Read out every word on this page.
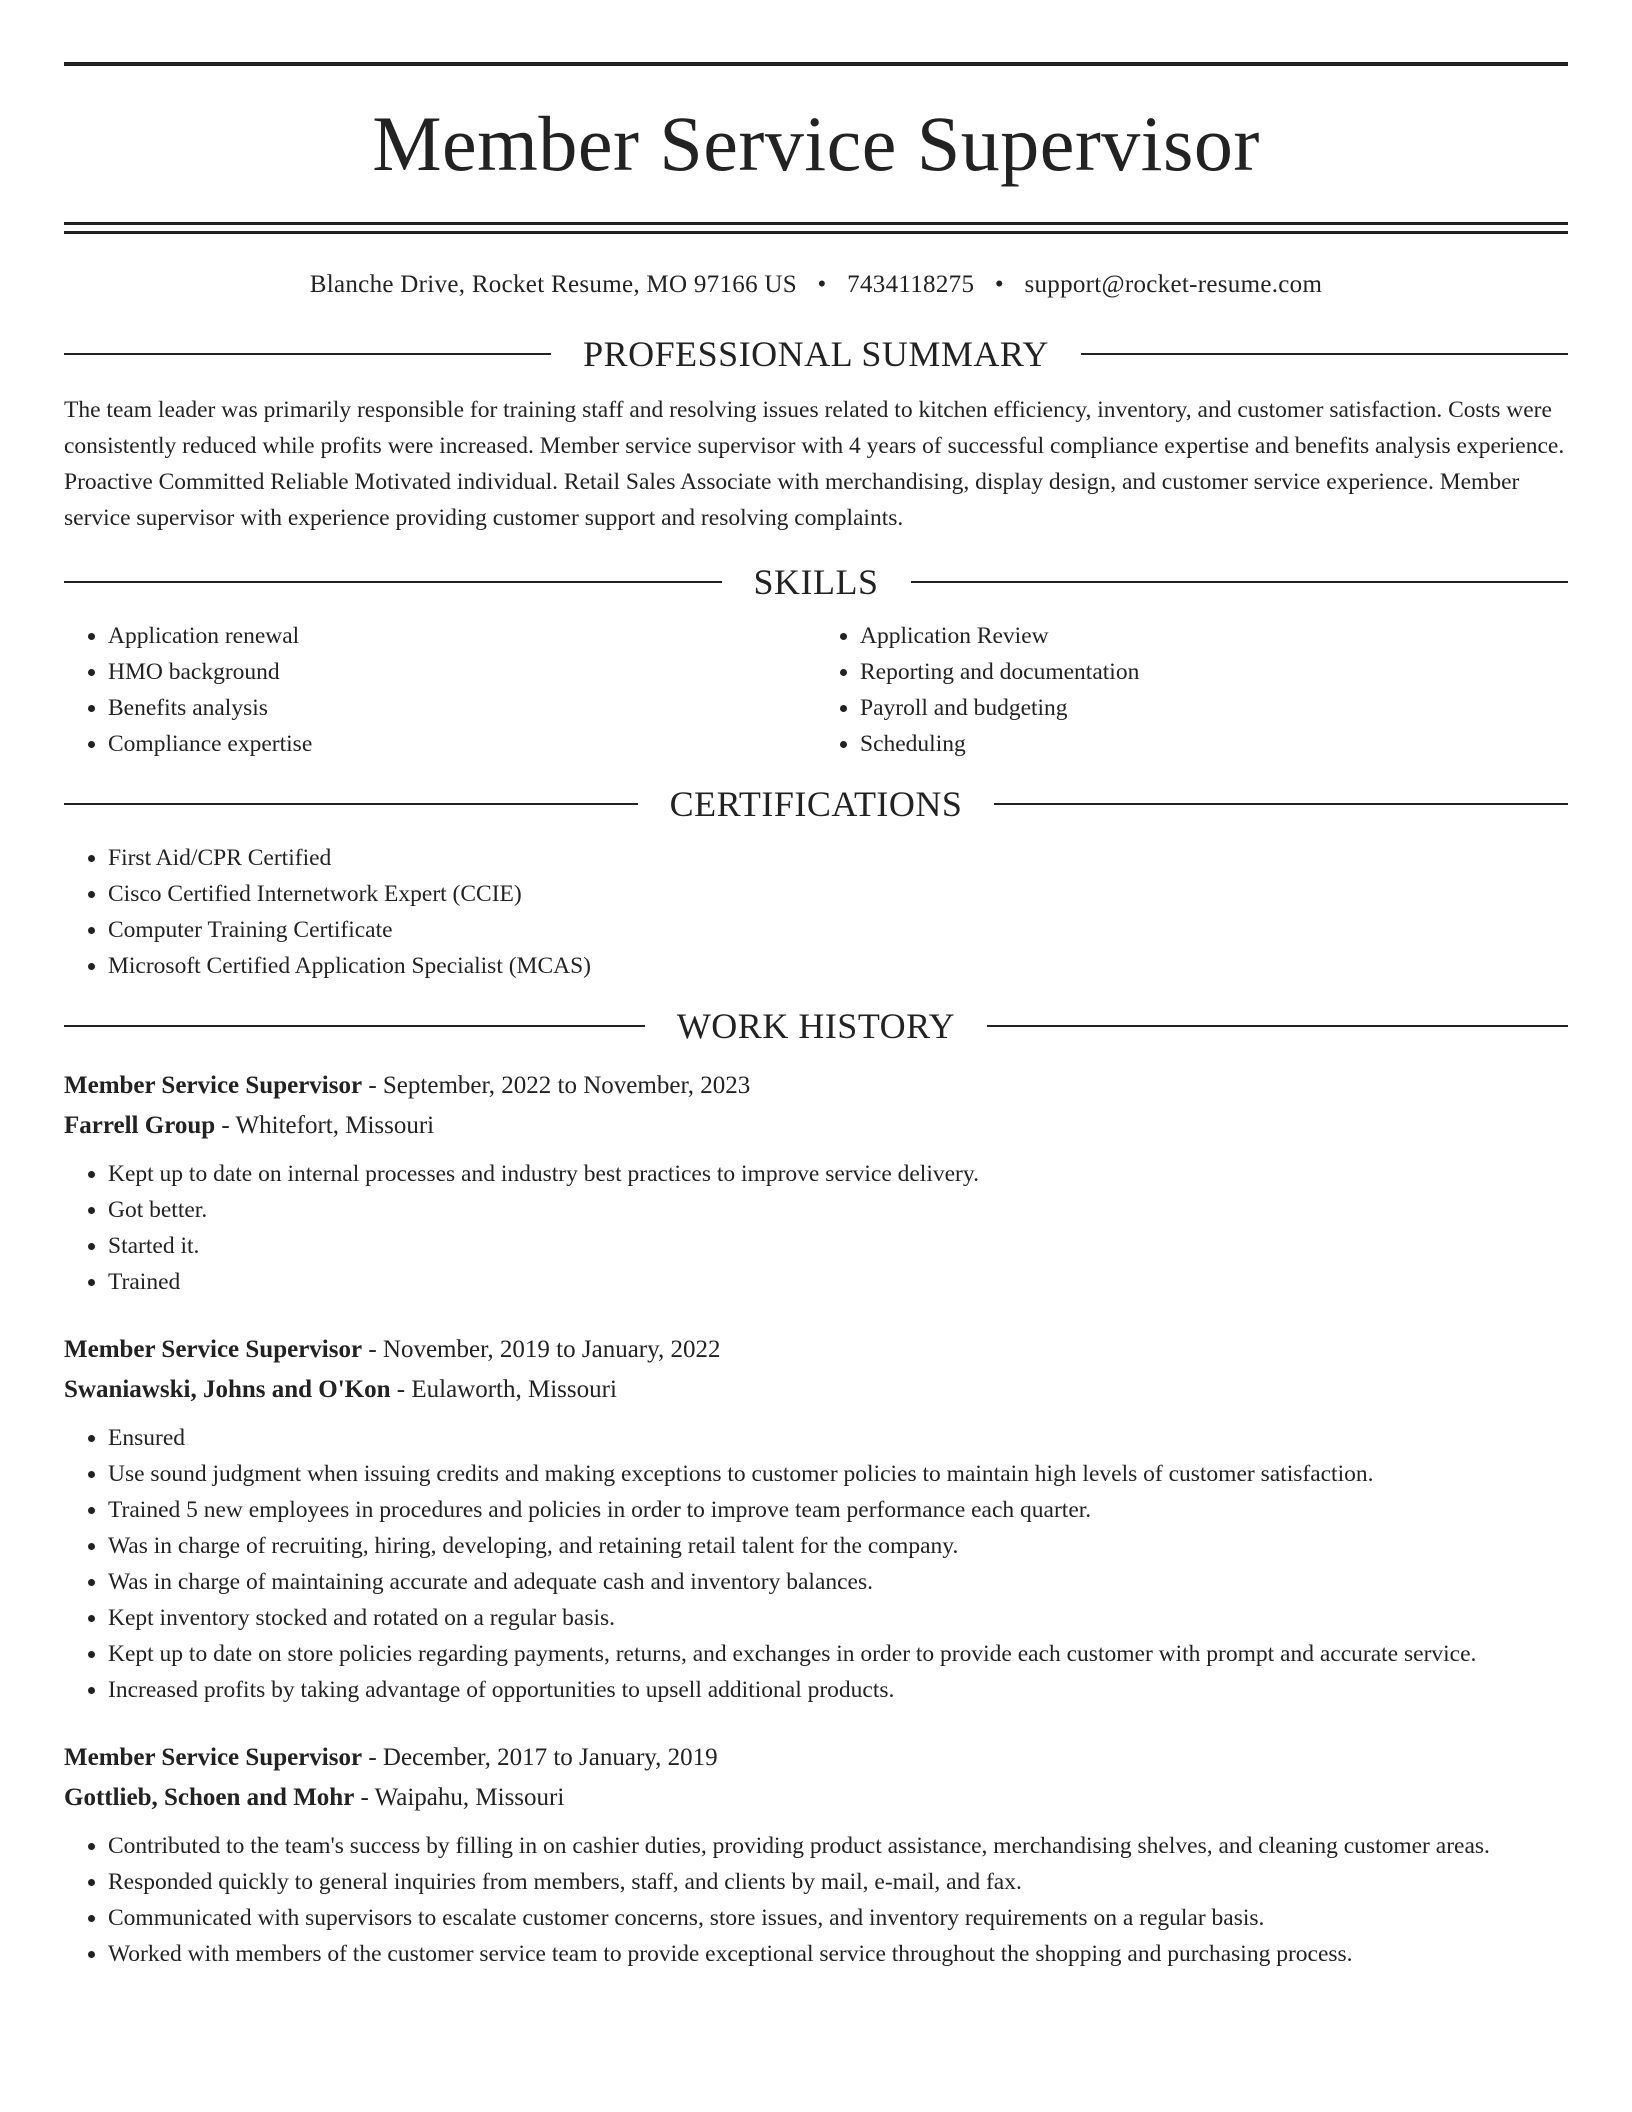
Member Service Supervisor
Blanche Drive, Rocket Resume, MO 97166 US • 7434118275 • support@rocket-resume.com
PROFESSIONAL SUMMARY

The team leader was primarily responsible for training staff and resolving issues related to kitchen efficiency, inventory, and customer satisfaction. Costs were consistently reduced while profits were increased. Member service supervisor with 4 years of successful compliance expertise and benefits analysis experience. Proactive Committed Reliable Motivated individual. Retail Sales Associate with merchandising, display design, and customer service experience. Member service supervisor with experience providing customer support and resolving complaints.

SKILLS
• Application renewal
• HMO background
• Benefits analysis
• Compliance expertise
• Application Review
• Reporting and documentation
• Payroll and budgeting
• Scheduling
CERTIFICATIONS
• First Aid/CPR Certified
• Cisco Certified Internetwork Expert (CCIE)
• Computer Training Certificate
• Microsoft Certified Application Specialist (MCAS)
WORK HISTORY
Member Service Supervisor - September, 2022 to November, 2023
Farrell Group - Whitefort, Missouri
• Kept up to date on internal processes and industry best practices to improve service delivery.
• Got better.
• Started it.
• Trained
Member Service Supervisor - November, 2019 to January, 2022
Swaniawski, Johns and O'Kon - Eulaworth, Missouri
• Ensured
• Use sound judgment when issuing credits and making exceptions to customer policies to maintain high levels of customer satisfaction.
• Trained 5 new employees in procedures and policies in order to improve team performance each quarter.
• Was in charge of recruiting, hiring, developing, and retaining retail talent for the company.
• Was in charge of maintaining accurate and adequate cash and inventory balances.
• Kept inventory stocked and rotated on a regular basis.
• Kept up to date on store policies regarding payments, returns, and exchanges in order to provide each customer with prompt and accurate service.
• Increased profits by taking advantage of opportunities to upsell additional products.
Member Service Supervisor - December, 2017 to January, 2019
Gottlieb, Schoen and Mohr - Waipahu, Missouri
• Contributed to the team's success by filling in on cashier duties, providing product assistance, merchandising shelves, and cleaning customer areas.
• Responded quickly to general inquiries from members, staff, and clients by mail, e-mail, and fax.
• Communicated with supervisors to escalate customer concerns, store issues, and inventory requirements on a regular basis.
• Worked with members of the customer service team to provide exceptional service throughout the shopping and purchasing process.
